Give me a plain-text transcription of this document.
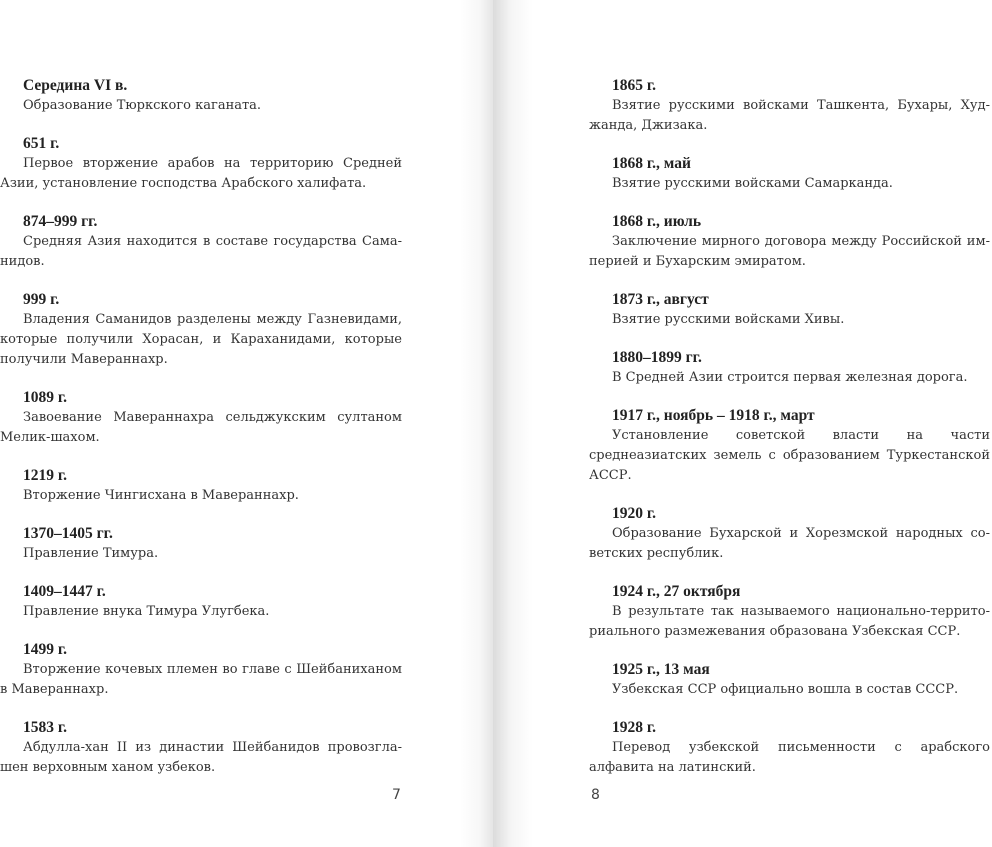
Середина VI в.
Образование Тюркского каганата.
651 г.
Первое вторжение арабов на территорию Средней Азии, установление господства Арабского халифата.
874–999 гг.
Средняя Азия находится в составе государства Саманидов.
999 г.
Владения Саманидов разделены между Газневидами, которые получили Хорасан, и Караханидами, которые получили Мавераннахр.
1089 г.
Завоевание Мавераннахра сельджукским султаном Мелик-шахом.
1219 г.
Вторжение Чингисхана в Мавераннахр.
1370–1405 гг.
Правление Тимура.
1409–1447 г.
Правление внука Тимура Улугбека.
1499 г.
Вторжение кочевых племен во главе с Шейбаниханом в Мавераннахр.
1583 г.
Абдулла-хан II из династии Шейбанидов провозглашен верховным ханом узбеков.
7
1865 г.
Взятие русскими войсками Ташкента, Бухары, Худжанда, Джизака.
1868 г., май
Взятие русскими войсками Самарканда.
1868 г., июль
Заключение мирного договора между Российской империей и Бухарским эмиратом.
1873 г., август
Взятие русскими войсками Хивы.
1880–1899 гг.
В Средней Азии строится первая железная дорога.
1917 г., ноябрь – 1918 г., март
Установление советской власти на части среднеазиатских земель с образованием Туркестанской АССР.
1920 г.
Образование Бухарской и Хорезмской народных советских республик.
1924 г., 27 октября
В результате так называемого национально-территориального размежевания образована Узбекская ССР.
1925 г., 13 мая
Узбекская ССР официально вошла в состав СССР.
1928 г.
Перевод узбекской письменности с арабского алфавита на латинский.
8
